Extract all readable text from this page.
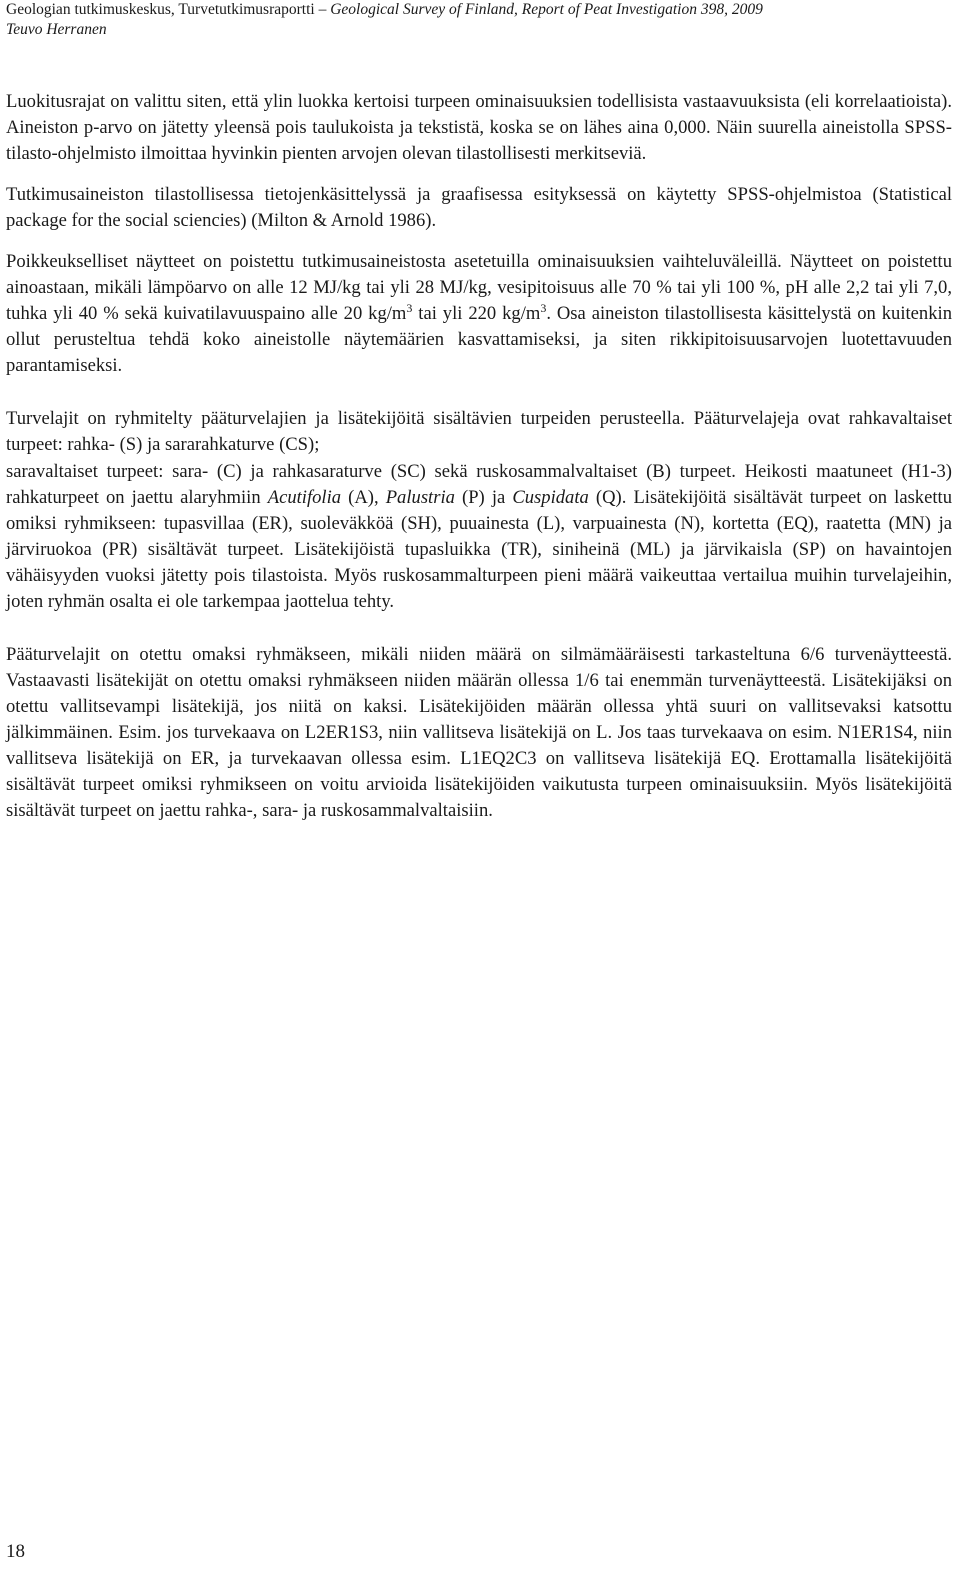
Geologian tutkimuskeskus, Turvetutkimusraportti – Geological Survey of Finland, Report of Peat Investigation 398, 2009
Teuvo Herranen

Luokitusrajat on valittu siten, että ylin luokka kertoisi turpeen ominaisuuksien todellisista vastaavuuksista (eli korrelaatioista). Aineiston p-arvo on jätetty yleensä pois taulukoista ja tekstistä, koska se on lähes aina 0,000. Näin suurella aineistolla SPSS-tilasto-ohjelmisto ilmoittaa hyvinkin pienten arvojen olevan tilastollisesti merkitseviä.

Tutkimusaineiston tilastollisessa tietojenkäsittelyssä ja graafisessa esityksessä on käytetty SPSS-ohjelmistoa (Statistical package for the social sciencies) (Milton & Arnold 1986).

Poikkeukselliset näytteet on poistettu tutkimusaineistosta asetetuilla ominaisuuksien vaihteluväleillä. Näytteet on poistettu ainoastaan, mikäli lämpöarvo on alle 12 MJ/kg tai yli 28 MJ/kg, vesipitoisuus alle 70 % tai yli 100 %, pH alle 2,2 tai yli 7,0, tuhka yli 40 % sekä kuivatilavuuspaino alle 20 $kg/m^3$ tai yli 220 $kg/m^3$. Osa aineiston tilastollisesta käsittelystä on kuitenkin ollut perusteltua tehdä koko aineistolle näytemäärien kasvattamiseksi, ja siten rikkipitoisuusarvojen luotettavuuden parantamiseksi.

Turvelajit on ryhmitelty pääturvelajien ja lisätekijöitä sisältävien turpeiden perusteella. Pääturvelajeja ovat rahkavaltaiset turpeet: rahka- (S) ja sararahkaturve (CS);

saravaltaiset turpeet: sara- (C) ja rahkasaraturve (SC) sekä ruskosammalvaltaiset (B) turpeet. Heikosti maatuneet (H1-3) rahkaturpeet on jaettu alaryhmiin Acutifolia (A), Palustria (P) ja Cuspidata (Q). Lisätekijöitä sisältävät turpeet on laskettu omiksi ryhmikseen: tupasvillaa (ER), suoleväkköä (SH), puuainesta (L), varpuainesta (N), kortetta (EQ), raatetta (MN) ja järviruokoa (PR) sisältävät turpeet. Lisätekijöistä tupasluikka (TR), siniheinä (ML) ja järvikaisla (SP) on havaintojen vähäisyyden vuoksi jätetty pois tilastoista. Myös ruskosammalturpeen pieni määrä vaikeuttaa vertailua muihin turvelajeihin, joten ryhmän osalta ei ole tarkempaa jaottelua tehty.

Pääturvelajit on otettu omaksi ryhmäkseen, mikäli niiden määrä on silmämääräisesti tarkasteltuna 6/6 turvenäytteestä. Vastaavasti lisätekijät on otettu omaksi ryhmäkseen niiden määrän ollessa 1/6 tai enemmän turvenäytteestä. Lisätekijäksi on otettu vallitsevampi lisätekijä, jos niitä on kaksi. Lisätekijöiden määrän ollessa yhtä suuri on vallitsevaksi katsottu jälkimmäinen. Esim. jos turvekaava on L2ER1S3, niin vallitseva lisätekijä on L. Jos taas turvekaava on esim. N1ER1S4, niin vallitseva lisätekijä on ER, ja turvekaavan ollessa esim. L1EQ2C3 on vallitseva lisätekijä EQ. Erottamalla lisätekijöitä sisältävät turpeet omiksi ryhmikseen on voitu arvioida lisätekijöiden vaikutusta turpeen ominaisuuksiin. Myös lisätekijöitä sisältävät turpeet on jaettu rahka-, sara- ja ruskosammalvaltaisiin.

18
